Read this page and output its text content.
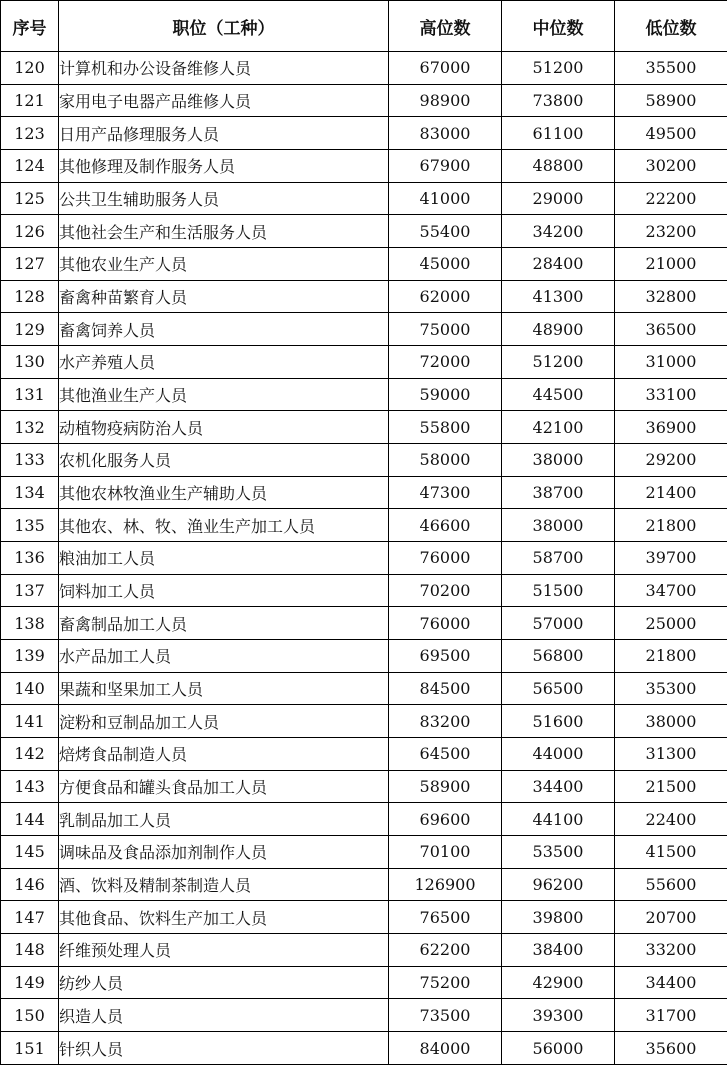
序号	职位（工种）	高位数	中位数	低位数
120	计算机和办公设备维修人员	67000	51200	35500
121	家用电子电器产品维修人员	98900	73800	58900
123	日用产品修理服务人员	83000	61100	49500
124	其他修理及制作服务人员	67900	48800	30200
125	公共卫生辅助服务人员	41000	29000	22200
126	其他社会生产和生活服务人员	55400	34200	23200
127	其他农业生产人员	45000	28400	21000
128	畜禽种苗繁育人员	62000	41300	32800
129	畜禽饲养人员	75000	48900	36500
130	水产养殖人员	72000	51200	31000
131	其他渔业生产人员	59000	44500	33100
132	动植物疫病防治人员	55800	42100	36900
133	农机化服务人员	58000	38000	29200
134	其他农林牧渔业生产辅助人员	47300	38700	21400
135	其他农、林、牧、渔业生产加工人员	46600	38000	21800
136	粮油加工人员	76000	58700	39700
137	饲料加工人员	70200	51500	34700
138	畜禽制品加工人员	76000	57000	25000
139	水产品加工人员	69500	56800	21800
140	果蔬和坚果加工人员	84500	56500	35300
141	淀粉和豆制品加工人员	83200	51600	38000
142	焙烤食品制造人员	64500	44000	31300
143	方便食品和罐头食品加工人员	58900	34400	21500
144	乳制品加工人员	69600	44100	22400
145	调味品及食品添加剂制作人员	70100	53500	41500
146	酒、饮料及精制茶制造人员	126900	96200	55600
147	其他食品、饮料生产加工人员	76500	39800	20700
148	纤维预处理人员	62200	38400	33200
149	纺纱人员	75200	42900	34400
150	织造人员	73500	39300	31700
151	针织人员	84000	56000	35600
